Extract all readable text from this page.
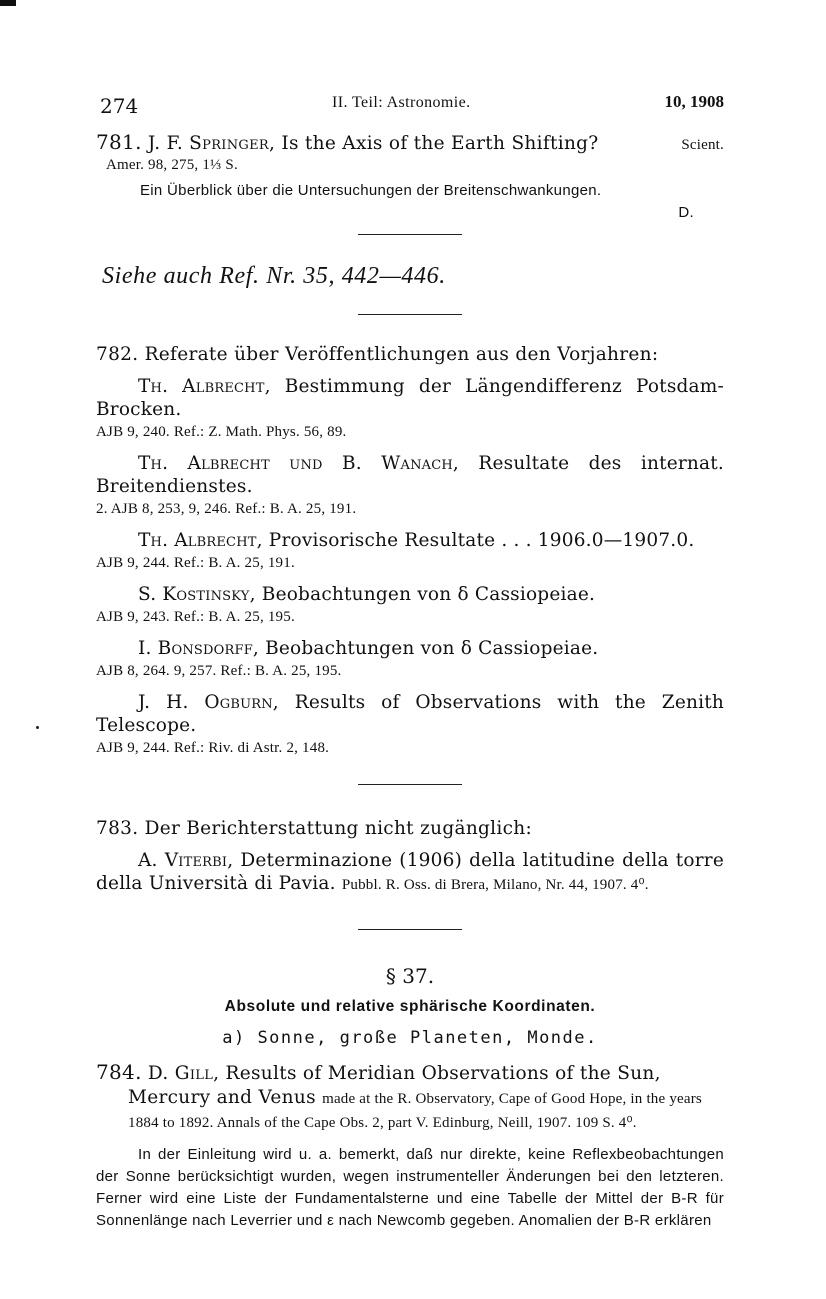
274	II. Teil: Astronomie.	10, 1908

781. J. F. Springer, Is the Axis of the Earth Shifting?	Scient.

Amer. 98, 275, 1⅓ S.

Ein Überblick über die Untersuchungen der Breitenschwankungen.

D.

Siehe auch Ref. Nr. 35, 442—446.

782. Referate über Veröffentlichungen aus den Vorjahren:

Th. Albrecht, Bestimmung der Längendifferenz Potsdam-Brocken.

AJB 9, 240. Ref.: Z. Math. Phys. 56, 89.

Th. Albrecht und B. Wanach, Resultate des internat. Breitendienstes.

2. AJB 8, 253, 9, 246. Ref.: B. A. 25, 191.

Th. Albrecht, Provisorische Resultate . . . 1906.0—1907.0.

AJB 9, 244. Ref.: B. A. 25, 191.

S. Kostinsky, Beobachtungen von δ Cassiopeiae.

AJB 9, 243. Ref.: B. A. 25, 195.

I. Bonsdorff, Beobachtungen von δ Cassiopeiae.

AJB 8, 264. 9, 257. Ref.: B. A. 25, 195.

J. H. Ogburn, Results of Observations with the Zenith Telescope.

AJB 9, 244. Ref.: Riv. di Astr. 2, 148.

783. Der Berichterstattung nicht zugänglich:

A. Viterbi, Determinazione (1906) della latitudine della torre della Università di Pavia. Pubbl. R. Oss. di Brera, Milano, Nr. 44, 1907. 4⁰.

§ 37.

Absolute und relative sphärische Koordinaten.

a) Sonne, große Planeten, Monde.

784. D. Gill, Results of Meridian Observations of the Sun, Mercury and Venus made at the R. Observatory, Cape of Good Hope, in the years 1884 to 1892. Annals of the Cape Obs. 2, part V. Edinburg, Neill, 1907. 109 S. 4⁰.

In der Einleitung wird u. a. bemerkt, daß nur direkte, keine Reflexbeobachtungen der Sonne berücksichtigt wurden, wegen instrumenteller Änderungen bei den letzteren. Ferner wird eine Liste der Fundamentalsterne und eine Tabelle der Mittel der B-R für Sonnenlänge nach Leverrier und ε nach Newcomb gegeben. Anomalien der B-R erklären
